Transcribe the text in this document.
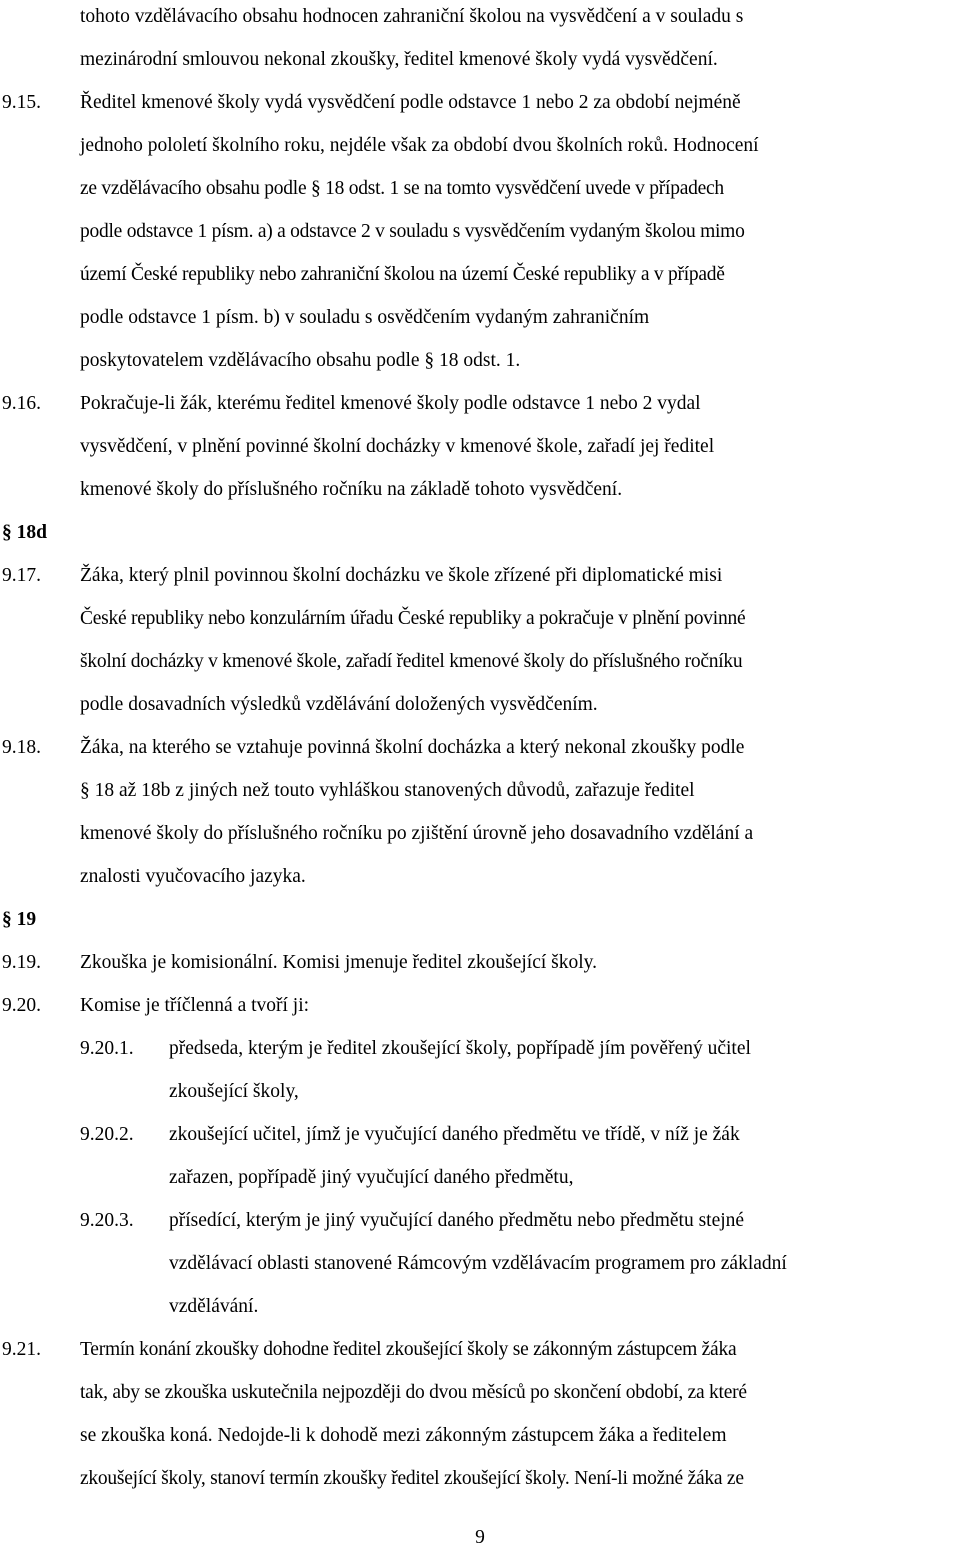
tohoto vzdělávacího obsahu hodnocen zahraniční školou na vysvědčení a v souladu s
mezinárodní smlouvou nekonal zkoušky, ředitel kmenové školy vydá vysvědčení.
9.15. Ředitel kmenové školy vydá vysvědčení podle odstavce 1 nebo 2 za období nejméně
jednoho pololetí školního roku, nejdéle však za období dvou školních roků. Hodnocení
ze vzdělávacího obsahu podle § 18 odst. 1 se na tomto vysvědčení uvede v případech
podle odstavce 1 písm. a) a odstavce 2 v souladu s vysvědčením vydaným školou mimo
území České republiky nebo zahraniční školou na území České republiky a v případě
podle odstavce 1 písm. b) v souladu s osvědčením vydaným zahraničním
poskytovatelem vzdělávacího obsahu podle § 18 odst. 1.
9.16. Pokračuje-li žák, kterému ředitel kmenové školy podle odstavce 1 nebo 2 vydal
vysvědčení, v plnění povinné školní docházky v kmenové škole, zařadí jej ředitel
kmenové školy do příslušného ročníku na základě tohoto vysvědčení.
§ 18d
9.17. Žáka, který plnil povinnou školní docházku ve škole zřízené při diplomatické misi
České republiky nebo konzulárním úřadu České republiky a pokračuje v plnění povinné
školní docházky v kmenové škole, zařadí ředitel kmenové školy do příslušného ročníku
podle dosavadních výsledků vzdělávání doložených vysvědčením.
9.18. Žáka, na kterého se vztahuje povinná školní docházka a který nekonal zkoušky podle
§ 18 až 18b z jiných než touto vyhláškou stanovených důvodů, zařazuje ředitel
kmenové školy do příslušného ročníku po zjištění úrovně jeho dosavadního vzdělání a
znalosti vyučovacího jazyka.
§ 19
9.19. Zkouška je komisionální. Komisi jmenuje ředitel zkoušející školy.
9.20. Komise je tříčlenná a tvoří ji:
9.20.1. předseda, kterým je ředitel zkoušející školy, popřípadě jím pověřený učitel
zkoušející školy,
9.20.2. zkoušející učitel, jímž je vyučující daného předmětu ve třídě, v níž je žák
zařazen, popřípadě jiný vyučující daného předmětu,
9.20.3. přísedící, kterým je jiný vyučující daného předmětu nebo předmětu stejné
vzdělávací oblasti stanovené Rámcovým vzdělávacím programem pro základní
vzdělávání.
9.21. Termín konání zkoušky dohodne ředitel zkoušející školy se zákonným zástupcem žáka
tak, aby se zkouška uskutečnila nejpozději do dvou měsíců po skončení období, za které
se zkouška koná. Nedojde-li k dohodě mezi zákonným zástupcem žáka a ředitelem
zkoušející školy, stanoví termín zkoušky ředitel zkoušející školy. Není-li možné žáka ze
9
